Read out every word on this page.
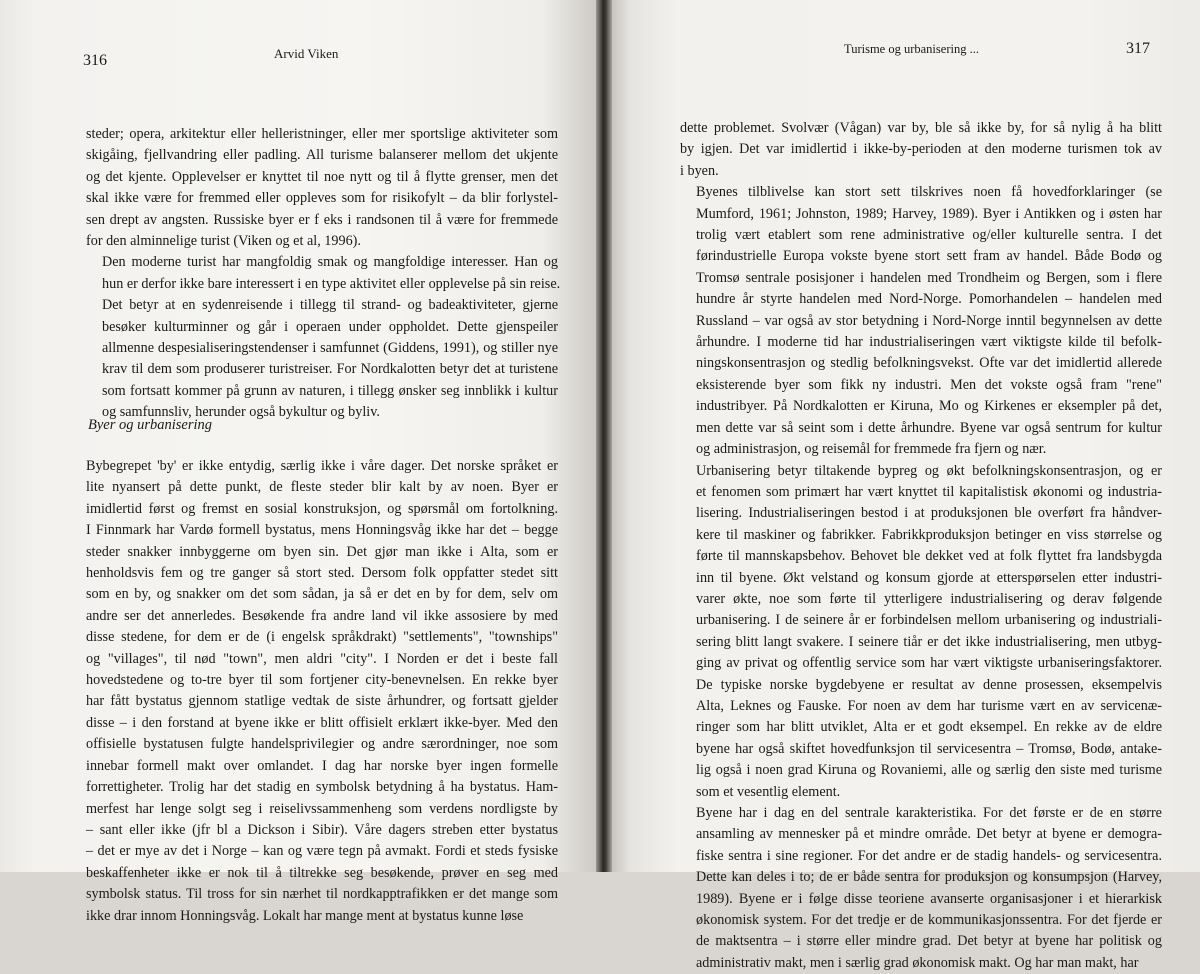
316	Arvid Viken

steder; opera, arkitektur eller helleristninger, eller mer sportslige aktiviteter som
skigåing, fjellvandring eller padling. All turisme balanserer mellom det ukjente
og det kjente. Opplevelser er knyttet til noe nytt og til å flytte grenser, men det
skal ikke være for fremmed eller oppleves som for risikofylt – da blir forlystel-
sen drept av angsten. Russiske byer er f eks i randsonen til å være for fremmede
for den alminnelige turist (Viken og et al, 1996).

Den moderne turist har mangfoldig smak og mangfoldige interesser. Han og
hun er derfor ikke bare interessert i en type aktivitet eller opplevelse på sin reise.
Det betyr at en sydenreisende i tillegg til strand- og badeaktiviteter, gjerne
besøker kulturminner og går i operaen under oppholdet. Dette gjenspeiler
allmenne despesialiseringstendenser i samfunnet (Giddens, 1991), og stiller nye
krav til dem som produserer turistreiser. For Nordkalotten betyr det at turistene
som fortsatt kommer på grunn av naturen, i tillegg ønsker seg innblikk i kultur
og samfunnsliv, herunder også bykultur og byliv.

Byer og urbanisering

Bybegrepet 'by' er ikke entydig, særlig ikke i våre dager. Det norske språket er
lite nyansert på dette punkt, de fleste steder blir kalt by av noen. Byer er
imidlertid først og fremst en sosial konstruksjon, og spørsmål om fortolkning.
I Finnmark har Vardø formell bystatus, mens Honningsvåg ikke har det – begge
steder snakker innbyggerne om byen sin. Det gjør man ikke i Alta, som er
henholdsvis fem og tre ganger så stort sted. Dersom folk oppfatter stedet sitt
som en by, og snakker om det som sådan, ja så er det en by for dem, selv om
andre ser det annerledes. Besøkende fra andre land vil ikke assosiere by med
disse stedene, for dem er de (i engelsk språkdrakt) "settlements", "townships"
og "villages", til nød "town", men aldri "city". I Norden er det i beste fall
hovedstedene og to-tre byer til som fortjener city-benevnelsen. En rekke byer
har fått bystatus gjennom statlige vedtak de siste århundrer, og fortsatt gjelder
disse – i den forstand at byene ikke er blitt offisielt erklært ikke-byer. Med den
offisielle bystatusen fulgte handelsprivilegier og andre særordninger, noe som
innebar formell makt over omlandet. I dag har norske byer ingen formelle
forrettigheter. Trolig har det stadig en symbolsk betydning å ha bystatus. Ham-
merfest har lenge solgt seg i reiselivssammenheng som verdens nordligste by
– sant eller ikke (jfr bl a Dickson i Sibir). Våre dagers streben etter bystatus
– det er mye av det i Norge – kan og være tegn på avmakt. Fordi et steds fysiske
beskaffenheter ikke er nok til å tiltrekke seg besøkende, prøver en seg med
symbolsk status. Til tross for sin nærhet til nordkapptrafikken er det mange som
ikke drar innom Honningsvåg. Lokalt har mange ment at bystatus kunne løse

Turisme og urbanisering ...	317

dette problemet. Svolvær (Vågan) var by, ble så ikke by, for så nylig å ha blitt
by igjen. Det var imidlertid i ikke-by-perioden at den moderne turismen tok av
i byen.

Byenes tilblivelse kan stort sett tilskrives noen få hovedforklaringer (se
Mumford, 1961; Johnston, 1989; Harvey, 1989). Byer i Antikken og i østen har
trolig vært etablert som rene administrative og/eller kulturelle sentra. I det
førindustrielle Europa vokste byene stort sett fram av handel. Både Bodø og
Tromsø sentrale posisjoner i handelen med Trondheim og Bergen, som i flere
hundre år styrte handelen med Nord-Norge. Pomorhandelen – handelen med
Russland – var også av stor betydning i Nord-Norge inntil begynnelsen av dette
århundre. I moderne tid har industrialiseringen vært viktigste kilde til befolk-
ningskonsentrasjon og stedlig befolkningsvekst. Ofte var det imidlertid allerede
eksisterende byer som fikk ny industri. Men det vokste også fram "rene"
industribyer. På Nordkalotten er Kiruna, Mo og Kirkenes er eksempler på det,
men dette var så seint som i dette århundre. Byene var også sentrum for kultur
og administrasjon, og reisemål for fremmede fra fjern og nær.

Urbanisering betyr tiltakende bypreg og økt befolkningskonsentrasjon, og er
et fenomen som primært har vært knyttet til kapitalistisk økonomi og industria-
lisering. Industrialiseringen bestod i at produksjonen ble overført fra håndver-
kere til maskiner og fabrikker. Fabrikkproduksjon betinger en viss størrelse og
førte til mannskapsbehov. Behovet ble dekket ved at folk flyttet fra landsbygda
inn til byene. Økt velstand og konsum gjorde at etterspørselen etter industri-
varer økte, noe som førte til ytterligere industrialisering og derav følgende
urbanisering. I de seinere år er forbindelsen mellom urbanisering og industriali-
sering blitt langt svakere. I seinere tiår er det ikke industrialisering, men utbyg-
ging av privat og offentlig service som har vært viktigste urbaniseringsfaktorer.
De typiske norske bygdebyene er resultat av denne prosessen, eksempelvis
Alta, Leknes og Fauske. For noen av dem har turisme vært en av servicenæ-
ringer som har blitt utviklet, Alta er et godt eksempel. En rekke av de eldre
byene har også skiftet hovedfunksjon til servicesentra – Tromsø, Bodø, antake-
lig også i noen grad Kiruna og Rovaniemi, alle og særlig den siste med turisme
som et vesentlig element.

Byene har i dag en del sentrale karakteristika. For det første er de en større
ansamling av mennesker på et mindre område. Det betyr at byene er demogra-
fiske sentra i sine regioner. For det andre er de stadig handels- og servicesentra.
Dette kan deles i to; de er både sentra for produksjon og konsumpsjon (Harvey,
1989). Byene er i følge disse teoriene avanserte organisasjoner i et hierarkisk
økonomisk system. For det tredje er de kommunikasjonssentra. For det fjerde er
de maktsentra – i større eller mindre grad. Det betyr at byene har politisk og
administrativ makt, men i særlig grad økonomisk makt. Og har man makt, har
